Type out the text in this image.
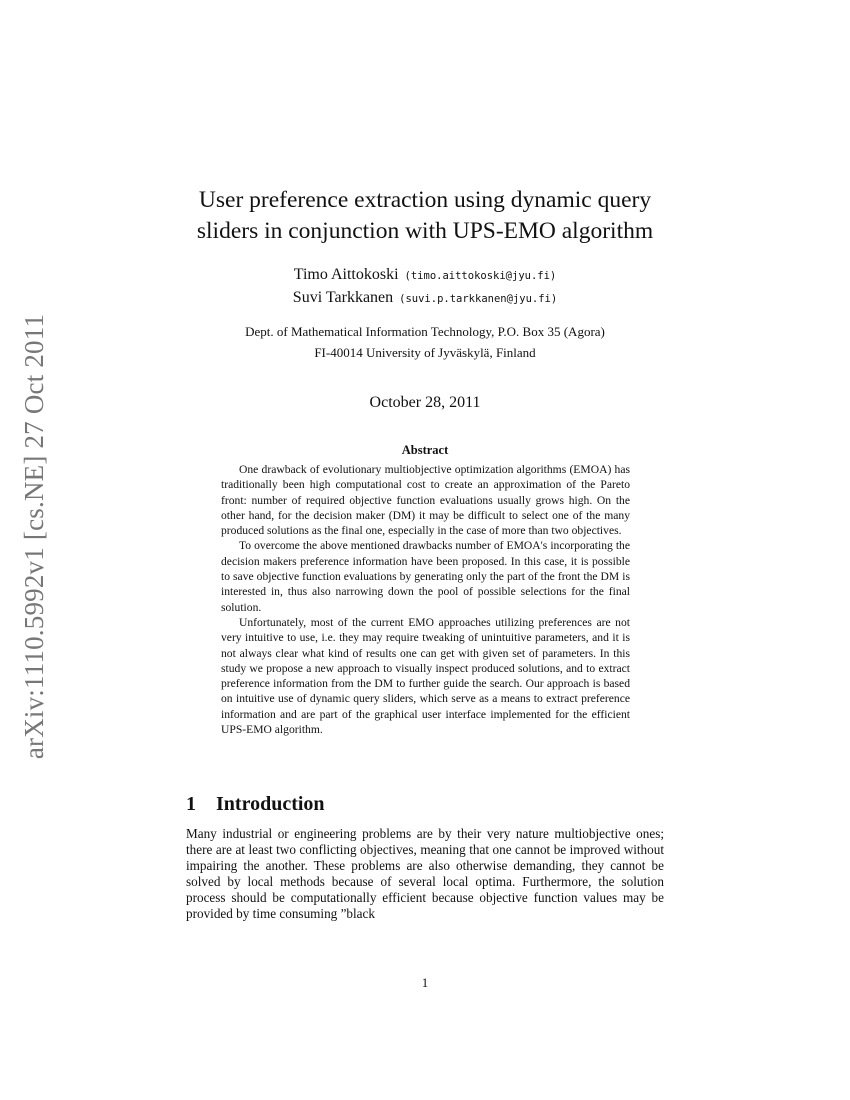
arXiv:1110.5992v1 [cs.NE] 27 Oct 2011
User preference extraction using dynamic query
sliders in conjunction with UPS-EMO algorithm
Timo Aittokoski (timo.aittokoski@jyu.fi)
Suvi Tarkkanen (suvi.p.tarkkanen@jyu.fi)
Dept. of Mathematical Information Technology, P.O. Box 35 (Agora)
FI-40014 University of Jyväskylä, Finland
October 28, 2011
Abstract

One drawback of evolutionary multiobjective optimization algorithms (EMOA) has traditionally been high computational cost to create an approximation of the Pareto front: number of required objective function evaluations usually grows high. On the other hand, for the decision maker (DM) it may be difficult to select one of the many produced solutions as the final one, especially in the case of more than two objectives.

To overcome the above mentioned drawbacks number of EMOA's incorporating the decision makers preference information have been proposed. In this case, it is possible to save objective function evaluations by generating only the part of the front the DM is interested in, thus also narrowing down the pool of possible selections for the final solution.

Unfortunately, most of the current EMO approaches utilizing preferences are not very intuitive to use, i.e. they may require tweaking of unintuitive parameters, and it is not always clear what kind of results one can get with given set of parameters. In this study we propose a new approach to visually inspect produced solutions, and to extract preference information from the DM to further guide the search. Our approach is based on intuitive use of dynamic query sliders, which serve as a means to extract preference information and are part of the graphical user interface implemented for the efficient UPS-EMO algorithm.

1 Introduction

Many industrial or engineering problems are by their very nature multiobjective ones; there are at least two conflicting objectives, meaning that one cannot be improved without impairing the another. These problems are also otherwise demanding, they cannot be solved by local methods because of several local optima. Furthermore, the solution process should be computationally efficient because objective function values may be provided by time consuming ”black

1
